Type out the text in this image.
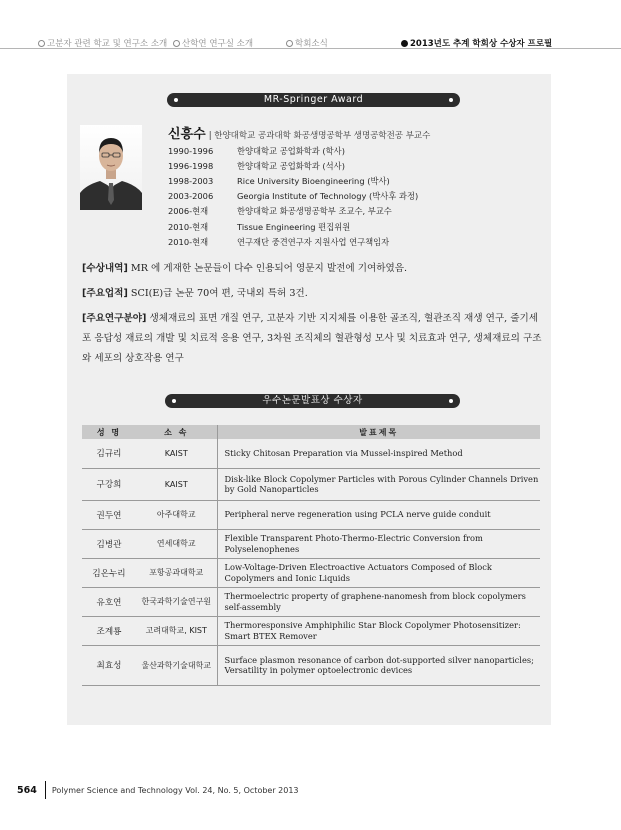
고분자 관련 학교 및 연구소 소개 산학연 연구실 소개	학회소식	2013년도 추계 학회상 수상자 프로필
MR-Springer Award
신흥수 | 한양대학교 공과대학 화공생명공학부 생명공학전공 부교수
1990-1996	한양대학교 공업화학과 (학사)
1996-1998	한양대학교 공업화학과 (석사)
1998-2003	Rice University Bioengineering (박사)
2003-2006	Georgia Institute of Technology (박사후 과정)
2006-현재	한양대학교 화공생명공학부 조교수, 부교수
2010-현재	Tissue Engineering 편집위원
2010-현재	연구재단 중견연구자 지원사업 연구책임자
[수상내역] MR 에 게재한 논문들이 다수 인용되어 영문지 발전에 기여하였음.
[주요업적] SCI(E)급 논문 70여 편, 국내외 특허 3건.
[주요연구분야] 생체재료의 표면 개질 연구, 고분자 기반 지지체를 이용한 골조직, 혈관조직 재생 연구, 줄기세포 응답성 재료의 개발 및 치료적 응용 연구, 3차원 조직체의 혈관형성 모사 및 치료효과 연구, 생체재료의 구조와 세포의 상호작용 연구
우수논문발표상 수상자
성 명	소 속	발표제목
김규리	KAIST	Sticky Chitosan Preparation via Mussel-inspired Method
구강희	KAIST	Disk-like Block Copolymer Particles with Porous Cylinder Channels Driven by Gold Nanoparticles
권두연	아주대학교	Peripheral nerve regeneration using PCLA nerve guide conduit
김병관	연세대학교	Flexible Transparent Photo-Thermo-Electric Conversion from Polyselenophenes
김온누리	포항공과대학교	Low-Voltage-Driven Electroactive Actuators Composed of Block Copolymers and Ionic Liquids
유호연	한국과학기술연구원	Thermoelectric property of graphene-nanomesh from block copolymers self-assembly
조계룡	고려대학교, KIST	Thermoresponsive Amphiphilic Star Block Copolymer Photosensitizer: Smart BTEX Remover
최효성	울산과학기술대학교	Surface plasmon resonance of carbon dot-supported silver nanoparticles; Versatility in polymer optoelectronic devices
564 Polymer Science and Technology Vol. 24, No. 5, October 2013
